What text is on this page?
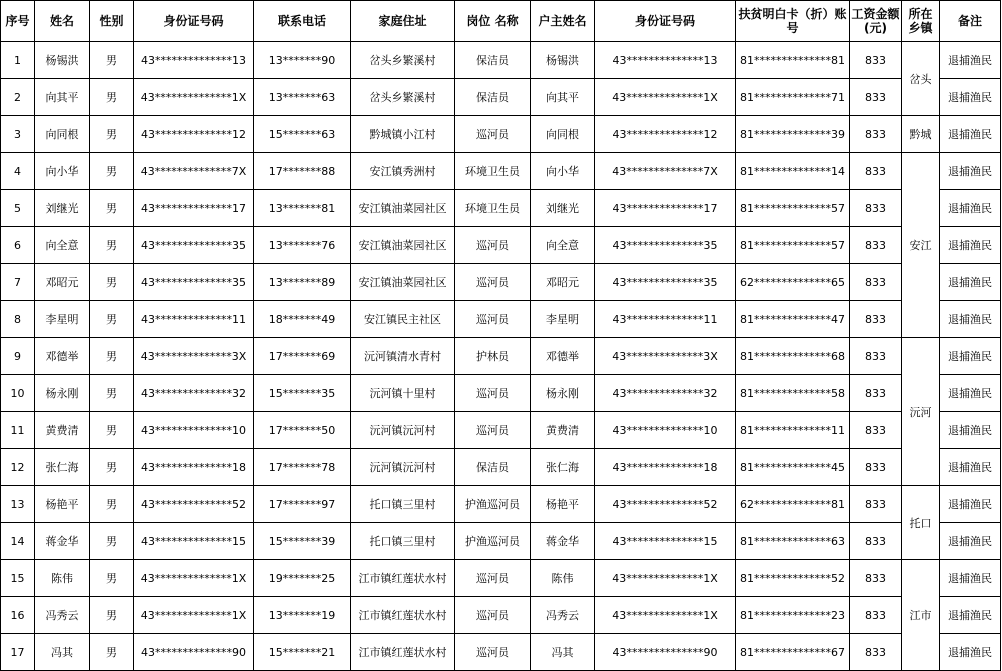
序号	姓名	性别	身份证号码	联系电话	家庭住址	岗位 名称	户主姓名	身份证号码	扶贫明白卡（折）账号	工资金额(元)	所在乡镇	备注
1	杨锡洪	男	43**************13	13*******90	岔头乡繁溪村	保洁员	杨锡洪	43**************13	81**************81	833	岔头	退捕渔民
2	向其平	男	43**************1X	13*******63	岔头乡繁溪村	保洁员	向其平	43**************1X	81**************71	833		退捕渔民
3	向同根	男	43**************12	15*******63	黔城镇小江村	巡河员	向同根	43**************12	81**************39	833	黔城	退捕渔民
4	向小华	男	43**************7X	17*******88	安江镇秀洲村	环境卫生员	向小华	43**************7X	81**************14	833	安江	退捕渔民
5	刘继光	男	43**************17	13*******81	安江镇油菜园社区	环境卫生员	刘继光	43**************17	81**************57	833		退捕渔民
6	向全意	男	43**************35	13*******76	安江镇油菜园社区	巡河员	向全意	43**************35	81**************57	833		退捕渔民
7	邓昭元	男	43**************35	13*******89	安江镇油菜园社区	巡河员	邓昭元	43**************35	62**************65	833		退捕渔民
8	李星明	男	43**************11	18*******49	安江镇民主社区	巡河员	李星明	43**************11	81**************47	833		退捕渔民
9	邓德举	男	43**************3X	17*******69	沅河镇清水青村	护林员	邓德举	43**************3X	81**************68	833	沅河	退捕渔民
10	杨永刚	男	43**************32	15*******35	沅河镇十里村	巡河员	杨永刚	43**************32	81**************58	833		退捕渔民
11	黄费清	男	43**************10	17*******50	沅河镇沅河村	巡河员	黄费清	43**************10	81**************11	833		退捕渔民
12	张仁海	男	43**************18	17*******78	沅河镇沅河村	保洁员	张仁海	43**************18	81**************45	833		退捕渔民
13	杨艳平	男	43**************52	17*******97	托口镇三里村	护渔巡河员	杨艳平	43**************52	62**************81	833	托口	退捕渔民
14	蒋金华	男	43**************15	15*******39	托口镇三里村	护渔巡河员	蒋金华	43**************15	81**************63	833		退捕渔民
15	陈伟	男	43**************1X	19*******25	江市镇红莲状水村	巡河员	陈伟	43**************1X	81**************52	833	江市	退捕渔民
16	冯秀云	男	43**************1X	13*******19	江市镇红莲状水村	巡河员	冯秀云	43**************1X	81**************23	833		退捕渔民
17	冯其	男	43**************90	15*******21	江市镇红莲状水村	巡河员	冯其	43**************90	81**************67	833		退捕渔民
